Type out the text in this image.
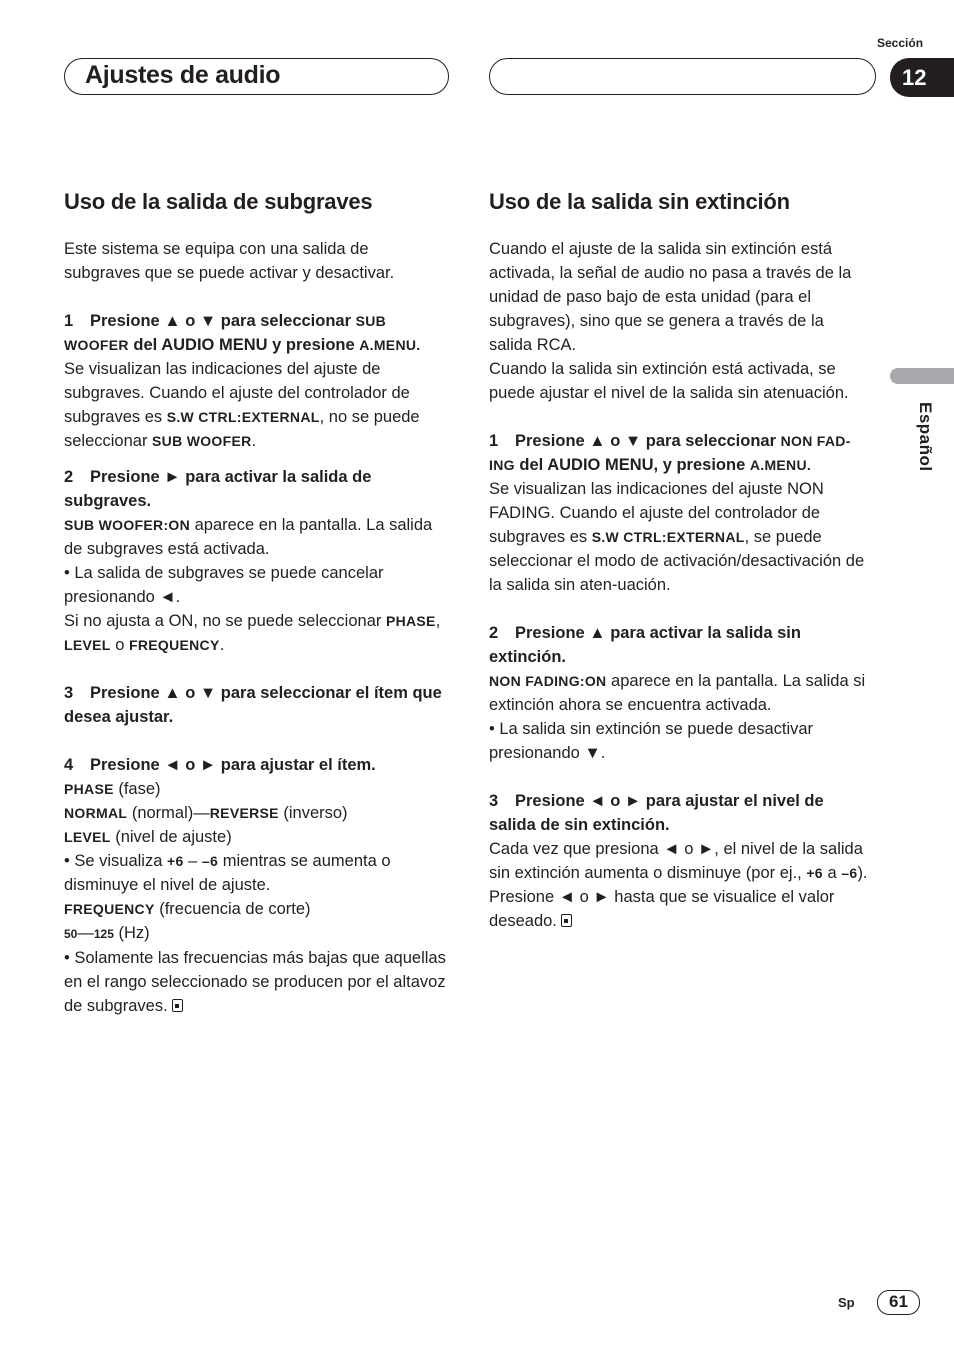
Sección
Ajustes de audio	12
Español
Uso de la salida de subgraves

Este sistema se equipa con una salida de subgraves que se puede activar y desactivar.

1 Presione ▲ o ▼ para seleccionar SUB WOOFER del AUDIO MENU y presione A.MENU.

Se visualizan las indicaciones del ajuste de subgraves. Cuando el ajuste del controlador de subgraves es S.W CTRL:EXTERNAL, no se puede seleccionar SUB WOOFER.

2 Presione ► para activar la salida de subgraves.

SUB WOOFER:ON aparece en la pantalla. La salida de subgraves está activada.

• La salida de subgraves se puede cancelar presionando ◄.

Si no ajusta a ON, no se puede seleccionar PHASE, LEVEL o FREQUENCY.

3 Presione ▲ o ▼ para seleccionar el ítem que desea ajustar.

4 Presione ◄ o ► para ajustar el ítem.

PHASE (fase)

NORMAL (normal)—REVERSE (inverso)

LEVEL (nivel de ajuste)

• Se visualiza +6 – –6 mientras se aumenta o disminuye el nivel de ajuste.

FREQUENCY (frecuencia de corte)

50—125 (Hz)

• Solamente las frecuencias más bajas que aquellas en el rango seleccionado se producen por el altavoz de subgraves.

Uso de la salida sin extinción

Cuando el ajuste de la salida sin extinción está activada, la señal de audio no pasa a través de la unidad de paso bajo de esta unidad (para el subgraves), sino que se genera a través de la salida RCA.

Cuando la salida sin extinción está activada, se puede ajustar el nivel de la salida sin atenuación.

1 Presione ▲ o ▼ para seleccionar NON FAD-ING del AUDIO MENU, y presione A.MENU.

Se visualizan las indicaciones del ajuste NON FADING. Cuando el ajuste del controlador de subgraves es S.W CTRL:EXTERNAL, se puede seleccionar el modo de activación/desactivación de la salida sin aten-uación.

2 Presione ▲ para activar la salida sin extinción.

NON FADING:ON aparece en la pantalla. La salida si extinción ahora se encuentra activada.

• La salida sin extinción se puede desactivar presionando ▼.

3 Presione ◄ o ► para ajustar el nivel de salida de sin extinción.

Cada vez que presiona ◄ o ►, el nivel de la salida sin extinción aumenta o disminuye (por ej., +6 a –6).

Presione ◄ o ► hasta que se visualice el valor deseado.

Sp	61
